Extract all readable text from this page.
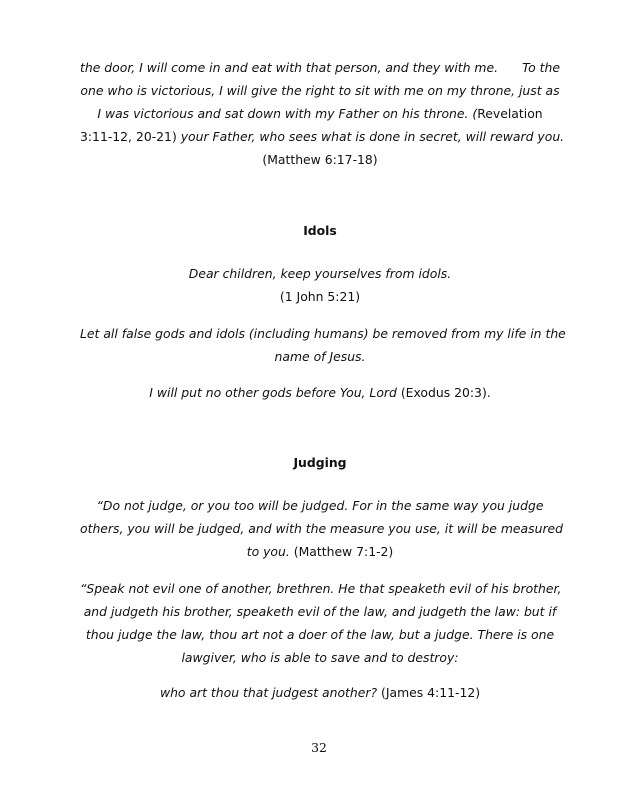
the door, I will come in and eat with that person, and they with me. To the
one who is victorious, I will give the right to sit with me on my throne, just as
I was victorious and sat down with my Father on his throne. (Revelation
3:11-12, 20-21) your Father, who sees what is done in secret, will reward you.
(Matthew 6:17-18)
Idols
Dear children, keep yourselves from idols.
(1 John 5:21)
Let all false gods and idols (including humans) be removed from my life in the
name of Jesus.
I will put no other gods before You, Lord (Exodus 20:3).
Judging
“Do not judge, or you too will be judged. For in the same way you judge
others, you will be judged, and with the measure you use, it will be measured
to you. (Matthew 7:1-2)
“Speak not evil one of another, brethren. He that speaketh evil of his brother,
and judgeth his brother, speaketh evil of the law, and judgeth the law: but if
thou judge the law, thou art not a doer of the law, but a judge. There is one
lawgiver, who is able to save and to destroy:
who art thou that judgest another? (James 4:11-12)
32
